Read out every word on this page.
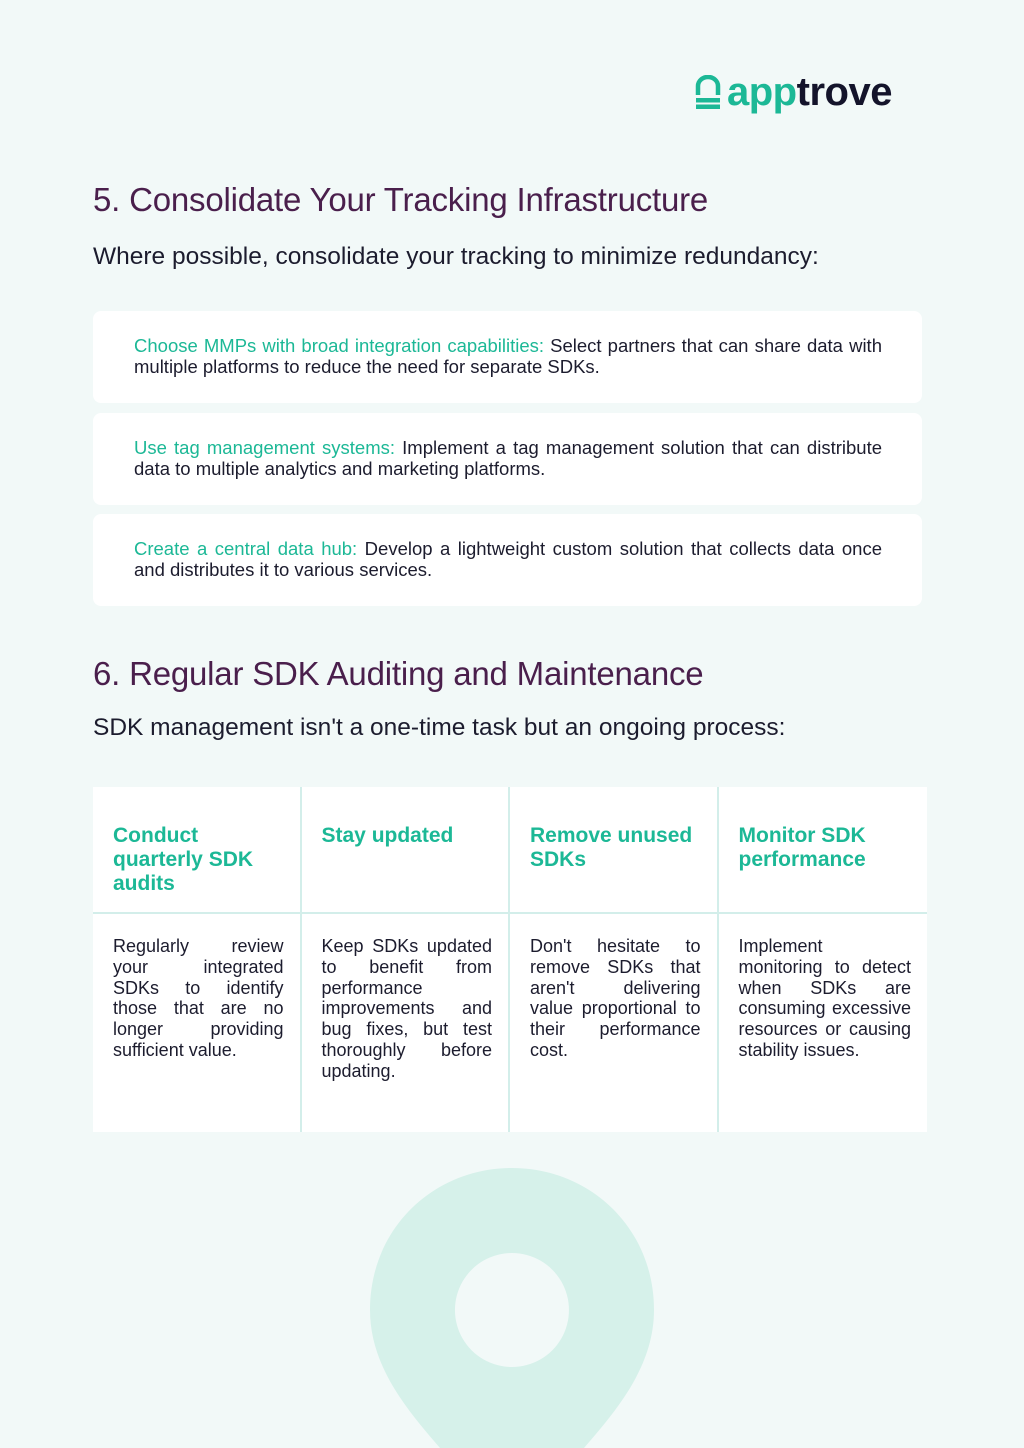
apptrove
5. Consolidate Your Tracking Infrastructure

Where possible, consolidate your tracking to minimize redundancy:

Choose MMPs with broad integration capabilities: Select partners that can share data with multiple platforms to reduce the need for separate SDKs.
Use tag management systems: Implement a tag management solution that can distribute data to multiple analytics and marketing platforms.
Create a central data hub: Develop a lightweight custom solution that collects data once and distributes it to various services.
6. Regular SDK Auditing and Maintenance

SDK management isn't a one-time task but an ongoing process:

Conduct quarterly SDK audits
Regularly review your integrated SDKs to identify those that are no longer providing sufficient value.
Stay updated
Keep SDKs updated to benefit from performance improvements and bug fixes, but test thoroughly before updating.
Remove unused SDKs
Don't hesitate to remove SDKs that aren't delivering value proportional to their performance cost.
Monitor SDK performance
Implement monitoring to detect when SDKs are consuming excessive resources or causing stability issues.
